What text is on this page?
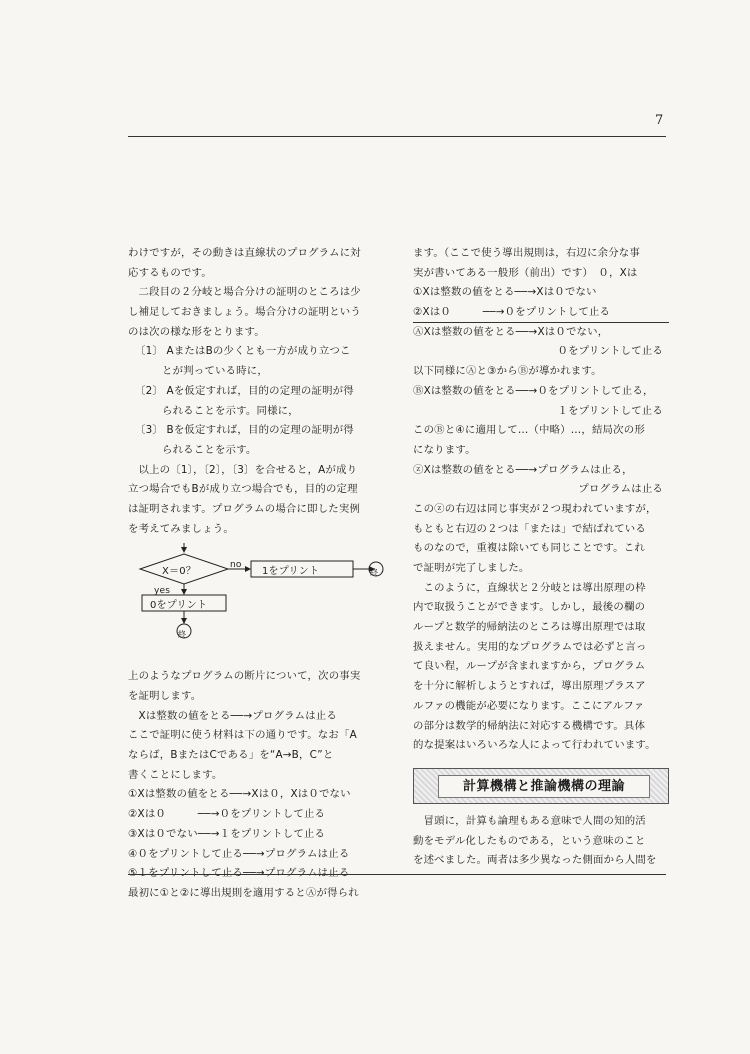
7
わけですが，その動きは直線状のプログラムに対
応するものです。
二段目の２分岐と場合分けの証明のところは少
し補足しておきましょう。場合分けの証明という
のは次の様な形をとります。
〔1〕 AまたはBの少くとも一方が成り立つこ
とが判っている時に，
〔2〕 Aを仮定すれば，目的の定理の証明が得
られることを示す。同様に，
〔3〕 Bを仮定すれば，目的の定理の証明が得
られることを示す。
以上の〔1〕，〔2〕，〔3〕を合せると，Aが成り
立つ場合でもBが成り立つ場合でも，目的の定理
は証明されます。プログラムの場合に即した実例
を考えてみましょう。
X＝0？
no
yes
1をプリント	終
0をプリント
終
上のようなプログラムの断片について，次の事実
を証明します。
Xは整数の値をとる──→プログラムは止る
ここで証明に使う材料は下の通りです。なお「A
ならば，BまたはCである」を“A→B，C”と
書くことにします。
①Xは整数の値をとる──→Xは０，Xは０でない
②Xは０　　　──→０をプリントして止る
③Xは０でない──→１をプリントして止る
④０をプリントして止る──→プログラムは止る
⑤１をプリントして止る──→プログラムは止る
最初に①と②に導出規則を適用するとⒶが得られ
ます。（ここで使う導出規則は，右辺に余分な事
実が書いてある一般形（前出）です）　０，Xは
①Xは整数の値をとる──→Xは０でない
②Xは０　　　──→０をプリントして止る
ⒶXは整数の値をとる──→Xは０でない，
０をプリントして止る
以下同様にⒶと③からⒷが導かれます。
ⒷXは整数の値をとる──→０をプリントして止る，
１をプリントして止る
このⒷと④に適用して…（中略）…，結局次の形
になります。
ⓩXは整数の値をとる──→プログラムは止る，
プログラムは止る
このⓩの右辺は同じ事実が２つ現われていますが，
もともと右辺の２つは「または」で結ばれている
ものなので，重複は除いても同じことです。これ
で証明が完了しました。
このように，直線状と２分岐とは導出原理の枠
内で取扱うことができます。しかし，最後の欄の
ループと数学的帰納法のところは導出原理では取
扱えません。実用的なプログラムでは必ずと言っ
て良い程，ループが含まれますから，プログラム
を十分に解析しようとすれば，導出原理プラスア
ルファの機能が必要になります。ここにアルファ
の部分は数学的帰納法に対応する機構です。具体
的な提案はいろいろな人によって行われています。
計算機構と推論機構の理論
冒頭に，計算も論理もある意味で人間の知的活
動をモデル化したものである，という意味のこと
を述べました。両者は多少異なった側面から人間を
